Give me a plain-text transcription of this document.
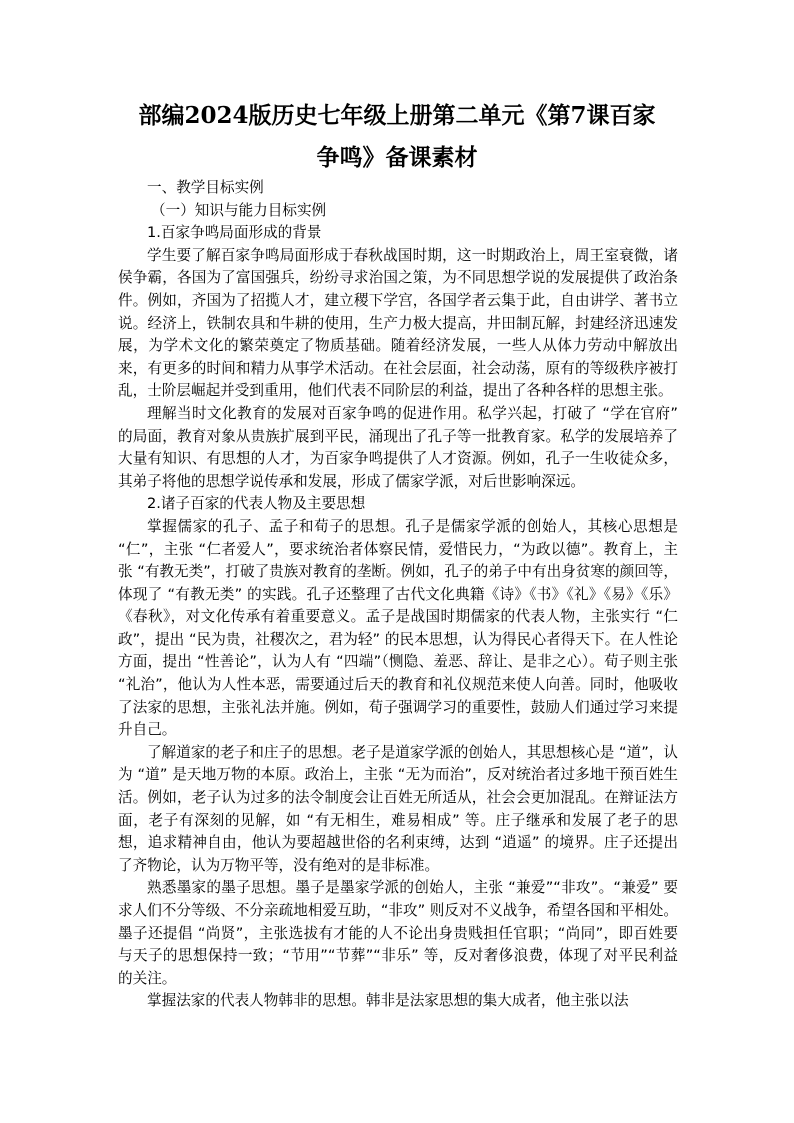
部编2024版历史七年级上册第二单元《第7课百家
争鸣》备课素材

一、教学目标实例

（一）知识与能力目标实例

1.百家争鸣局面形成的背景

学生要了解百家争鸣局面形成于春秋战国时期，这一时期政治上，周王室衰微，诸侯争霸，各国为了富国强兵，纷纷寻求治国之策，为不同思想学说的发展提供了政治条件。例如，齐国为了招揽人才，建立稷下学宫，各国学者云集于此，自由讲学、著书立说。经济上，铁制农具和牛耕的使用，生产力极大提高，井田制瓦解，封建经济迅速发展，为学术文化的繁荣奠定了物质基础。随着经济发展，一些人从体力劳动中解放出来，有更多的时间和精力从事学术活动。在社会层面，社会动荡，原有的等级秩序被打乱，士阶层崛起并受到重用，他们代表不同阶层的利益，提出了各种各样的思想主张。

理解当时文化教育的发展对百家争鸣的促进作用。私学兴起，打破了 “学在官府” 的局面，教育对象从贵族扩展到平民，涌现出了孔子等一批教育家。私学的发展培养了大量有知识、有思想的人才，为百家争鸣提供了人才资源。例如，孔子一生收徒众多，其弟子将他的思想学说传承和发展，形成了儒家学派，对后世影响深远。

2.诸子百家的代表人物及主要思想

掌握儒家的孔子、孟子和荀子的思想。孔子是儒家学派的创始人，其核心思想是 “仁”，主张 “仁者爱人”，要求统治者体察民情，爱惜民力，“为政以德”。教育上，主张 “有教无类”，打破了贵族对教育的垄断。例如，孔子的弟子中有出身贫寒的颜回等，体现了 “有教无类” 的实践。孔子还整理了古代文化典籍《诗》《书》《礼》《易》《乐》《春秋》，对文化传承有着重要意义。孟子是战国时期儒家的代表人物，主张实行 “仁政”，提出 “民为贵，社稷次之，君为轻” 的民本思想，认为得民心者得天下。在人性论方面，提出 “性善论”，认为人有 “四端”（恻隐、羞恶、辞让、是非之心）。荀子则主张 “礼治”，他认为人性本恶，需要通过后天的教育和礼仪规范来使人向善。同时，他吸收了法家的思想，主张礼法并施。例如，荀子强调学习的重要性，鼓励人们通过学习来提升自己。

了解道家的老子和庄子的思想。老子是道家学派的创始人，其思想核心是 “道”，认为 “道” 是天地万物的本原。政治上，主张 “无为而治”，反对统治者过多地干预百姓生活。例如，老子认为过多的法令制度会让百姓无所适从，社会会更加混乱。在辩证法方面，老子有深刻的见解，如 “有无相生，难易相成” 等。庄子继承和发展了老子的思想，追求精神自由，他认为要超越世俗的名利束缚，达到 “逍遥” 的境界。庄子还提出了齐物论，认为万物平等，没有绝对的是非标准。

熟悉墨家的墨子思想。墨子是墨家学派的创始人，主张 “兼爱”“非攻”。“兼爱” 要求人们不分等级、不分亲疏地相爱互助，“非攻” 则反对不义战争，希望各国和平相处。墨子还提倡 “尚贤”，主张选拔有才能的人不论出身贵贱担任官职；“尚同”，即百姓要与天子的思想保持一致；“节用”“节葬”“非乐” 等，反对奢侈浪费，体现了对平民利益的关注。

掌握法家的代表人物韩非的思想。韩非是法家思想的集大成者，他主张以法
